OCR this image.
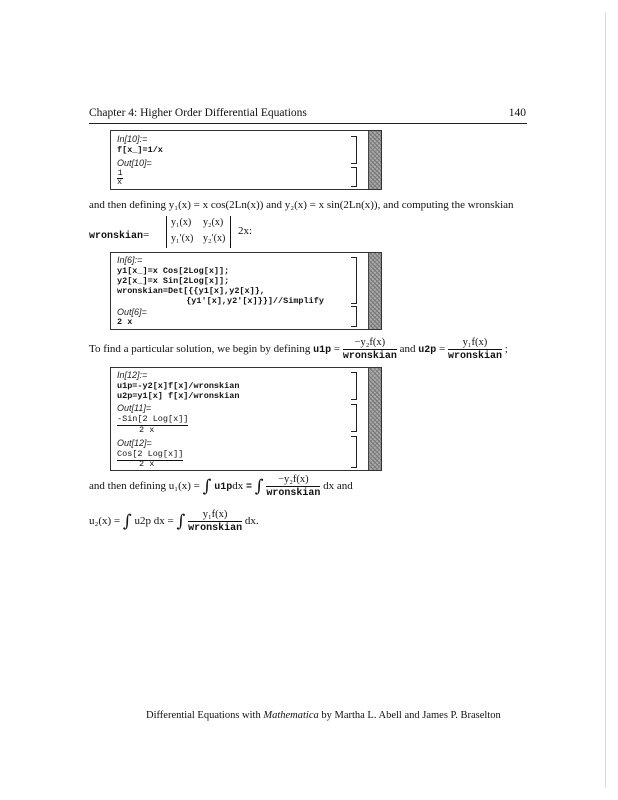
Chapter 4: Higher Order Differential Equations	140
In[10]:=
f[x_]=1/x
Out[10]=
1
x
and then defining y₁(x) = x cos(2Ln(x)) and y₂(x) = x sin(2Ln(x)), and computing the wronskian
wronskian=
y₁(x) y₂(x)
y₁′(x) y₂′(x)
2x:
In[6]:=
y1[x_]=x Cos[2Log[x]];
y2[x_]=x Sin[2Log[x]];
wronskian=Det[{{y1[x],y2[x]},
{y1'[x],y2'[x]}}]//Simplify
Out[6]=
2 x
To find a particular solution, we begin by defining $u1p = \frac{\text{−y₂f(x)}}{\text{wronskian}}$ and $u2p = \frac{\text{y₁f(x)}}{\text{wronskian}}$ ;
In[12]:=
u1p=-y2[x]f[x]/wronskian
u2p=y1[x] f[x]/wronskian
Out[11]=
-Sin[2 Log[x]]
2 x
Out[12]=
Cos[2 Log[x]]
2 x
and then defining u₁(x) = ∫ u1pdx = ∫ $\frac{\text{−y₂f(x)}}{\text{wronskian}}$ dx and
u₂(x) = ∫ u2p dx = ∫ $\frac{\text{y₁f(x)}}{\text{wronskian}}$ dx.
Differential Equations with Mathematica by Martha L. Abell and James P. Braselton
